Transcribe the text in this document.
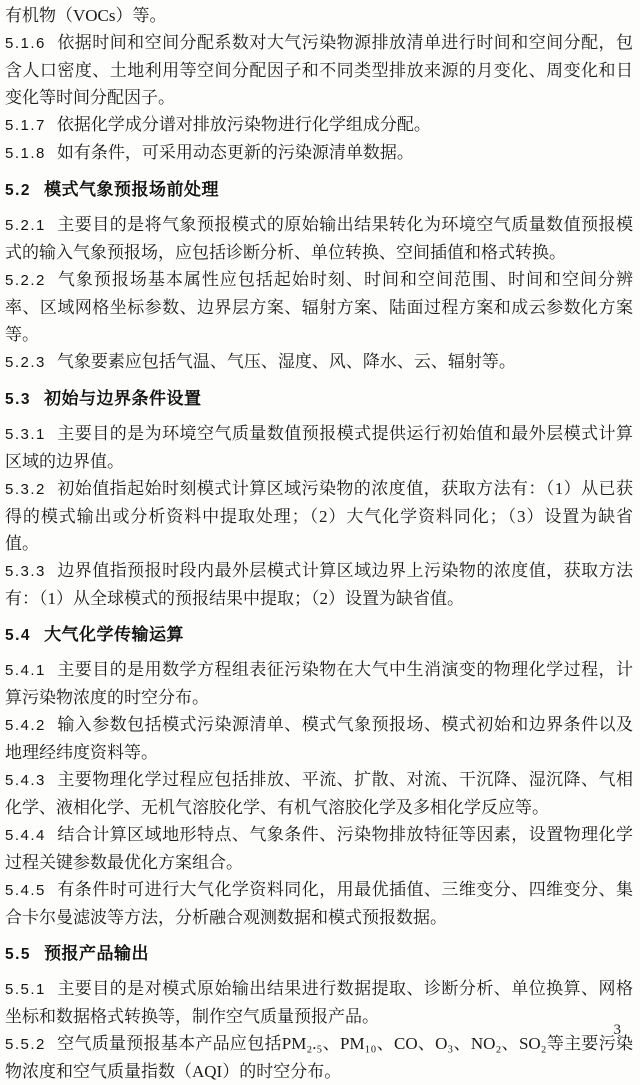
有机物（VOCs）等。

5.1.6 依据时间和空间分配系数对大气污染物源排放清单进行时间和空间分配，包含人口密度、土地利用等空间分配因子和不同类型排放来源的月变化、周变化和日变化等时间分配因子。

5.1.7 依据化学成分谱对排放污染物进行化学组成分配。

5.1.8 如有条件，可采用动态更新的污染源清单数据。

5.2 模式气象预报场前处理

5.2.1 主要目的是将气象预报模式的原始输出结果转化为环境空气质量数值预报模式的输入气象预报场，应包括诊断分析、单位转换、空间插值和格式转换。

5.2.2 气象预报场基本属性应包括起始时刻、时间和空间范围、时间和空间分辨率、区域网格坐标参数、边界层方案、辐射方案、陆面过程方案和成云参数化方案等。

5.2.3 气象要素应包括气温、气压、湿度、风、降水、云、辐射等。

5.3 初始与边界条件设置

5.3.1 主要目的是为环境空气质量数值预报模式提供运行初始值和最外层模式计算区域的边界值。

5.3.2 初始值指起始时刻模式计算区域污染物的浓度值，获取方法有：（1）从已获得的模式输出或分析资料中提取处理；（2）大气化学资料同化；（3）设置为缺省值。

5.3.3 边界值指预报时段内最外层模式计算区域边界上污染物的浓度值，获取方法有：（1）从全球模式的预报结果中提取；（2）设置为缺省值。

5.4 大气化学传输运算

5.4.1 主要目的是用数学方程组表征污染物在大气中生消演变的物理化学过程，计算污染物浓度的时空分布。

5.4.2 输入参数包括模式污染源清单、模式气象预报场、模式初始和边界条件以及地理经纬度资料等。

5.4.3 主要物理化学过程应包括排放、平流、扩散、对流、干沉降、湿沉降、气相化学、液相化学、无机气溶胶化学、有机气溶胶化学及多相化学反应等。

5.4.4 结合计算区域地形特点、气象条件、污染物排放特征等因素，设置物理化学过程关键参数最优化方案组合。

5.4.5 有条件时可进行大气化学资料同化，用最优插值、三维变分、四维变分、集合卡尔曼滤波等方法，分析融合观测数据和模式预报数据。

5.5 预报产品输出

5.5.1 主要目的是对模式原始输出结果进行数据提取、诊断分析、单位换算、网格坐标和数据格式转换等，制作空气质量预报产品。

5.5.2 空气质量预报基本产品应包括PM₂.₅、PM₁₀、CO、O₃、NO₂、SO₂等主要污染物浓度和空气质量指数（AQI）的时空分布。

3
